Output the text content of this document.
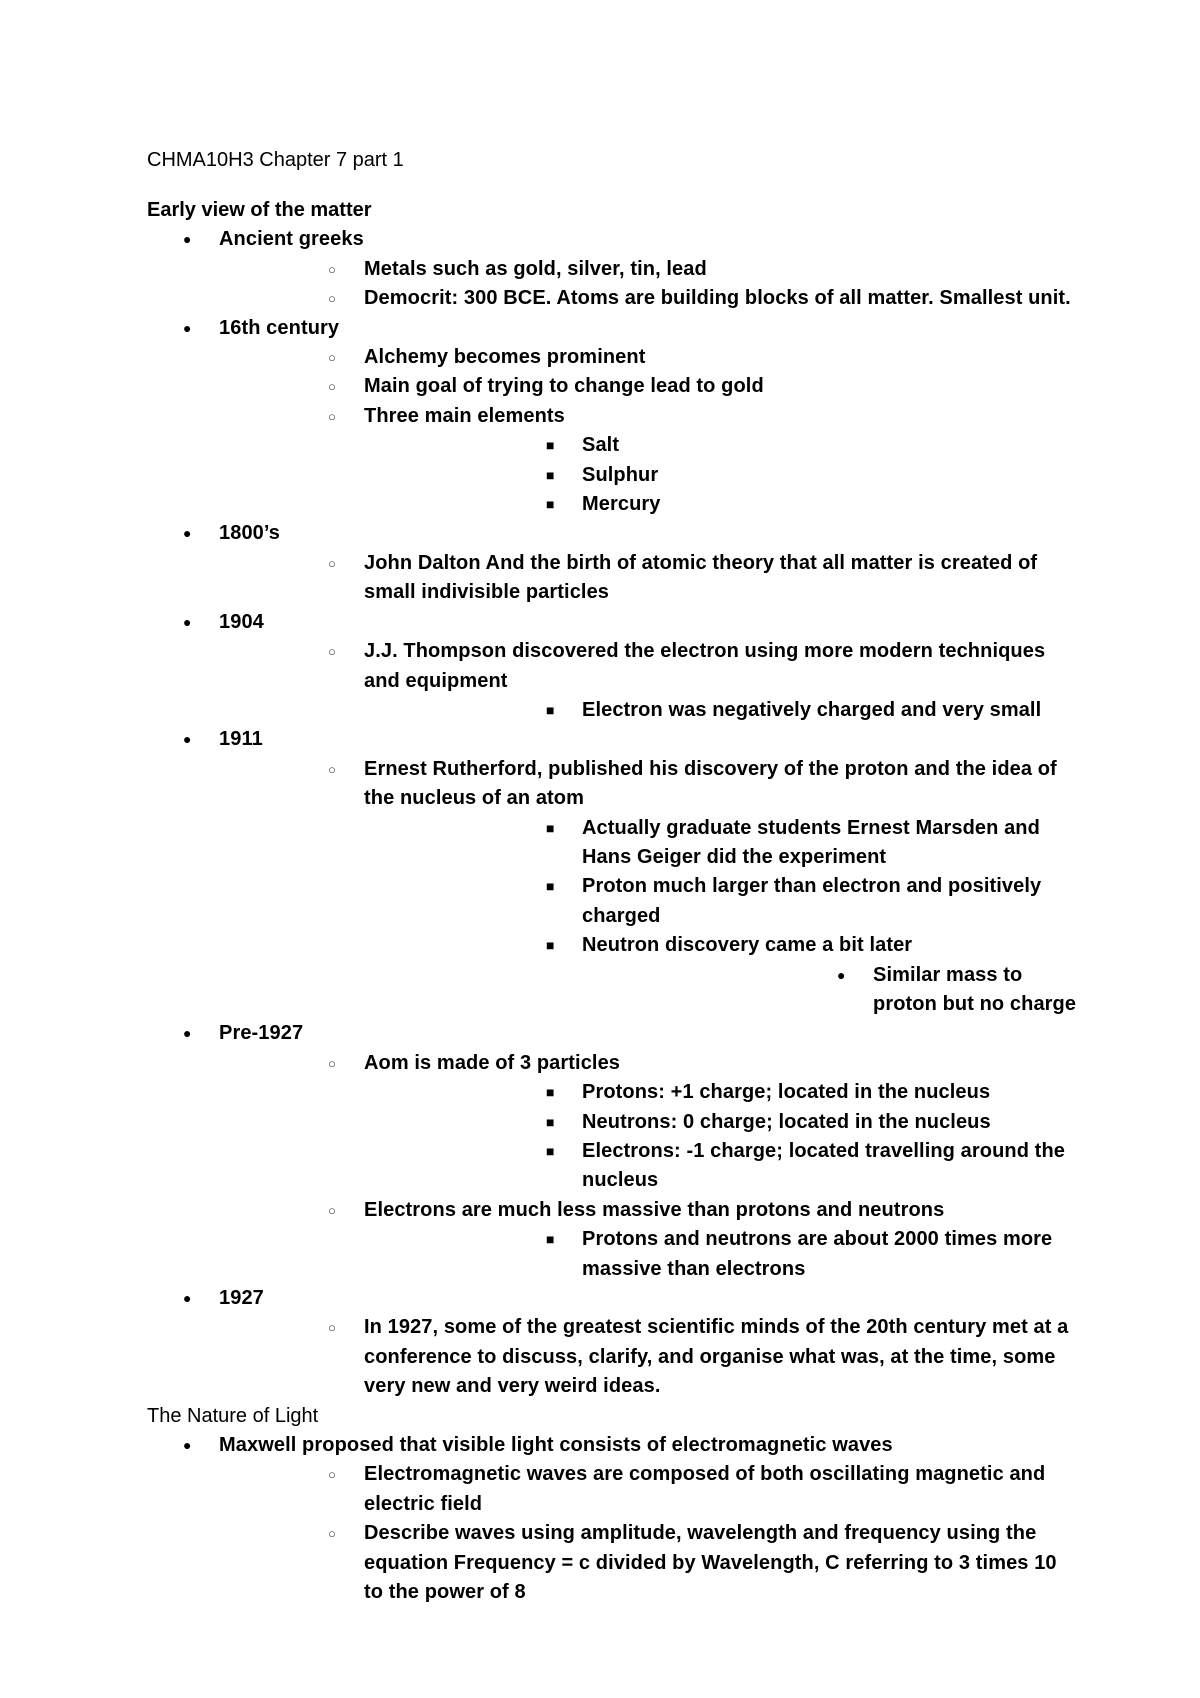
CHMA10H3 Chapter 7 part 1
Early view of the matter
● Ancient greeks
○ Metals such as gold, silver, tin, lead
○ Democrit: 300 BCE. Atoms are building blocks of all matter. Smallest unit.
● 16th century
○ Alchemy becomes prominent
○ Main goal of trying to change lead to gold
○ Three main elements
■ Salt
■ Sulphur
■ Mercury
● 1800’s
○ John Dalton And the birth of atomic theory that all matter is created of small indivisible particles
● 1904
○ J.J. Thompson discovered the electron using more modern techniques and equipment
■ Electron was negatively charged and very small
● 1911
○ Ernest Rutherford, published his discovery of the proton and the idea of the nucleus of an atom
■ Actually graduate students Ernest Marsden and Hans Geiger did the experiment
■ Proton much larger than electron and positively charged
■ Neutron discovery came a bit later
● Similar mass to proton but no charge
● Pre-1927
○ Aom is made of 3 particles
■ Protons: +1 charge; located in the nucleus
■ Neutrons: 0 charge; located in the nucleus
■ Electrons: -1 charge; located travelling around the nucleus
○ Electrons are much less massive than protons and neutrons
■ Protons and neutrons are about 2000 times more massive than electrons
● 1927
○ In 1927, some of the greatest scientific minds of the 20th century met at a conference to discuss, clarify, and organise what was, at the time, some very new and very weird ideas.
The Nature of Light
● Maxwell proposed that visible light consists of electromagnetic waves
○ Electromagnetic waves are composed of both oscillating magnetic and electric field
○ Describe waves using amplitude, wavelength and frequency using the equation Frequency = c divided by Wavelength, C referring to 3 times 10 to the power of 8
